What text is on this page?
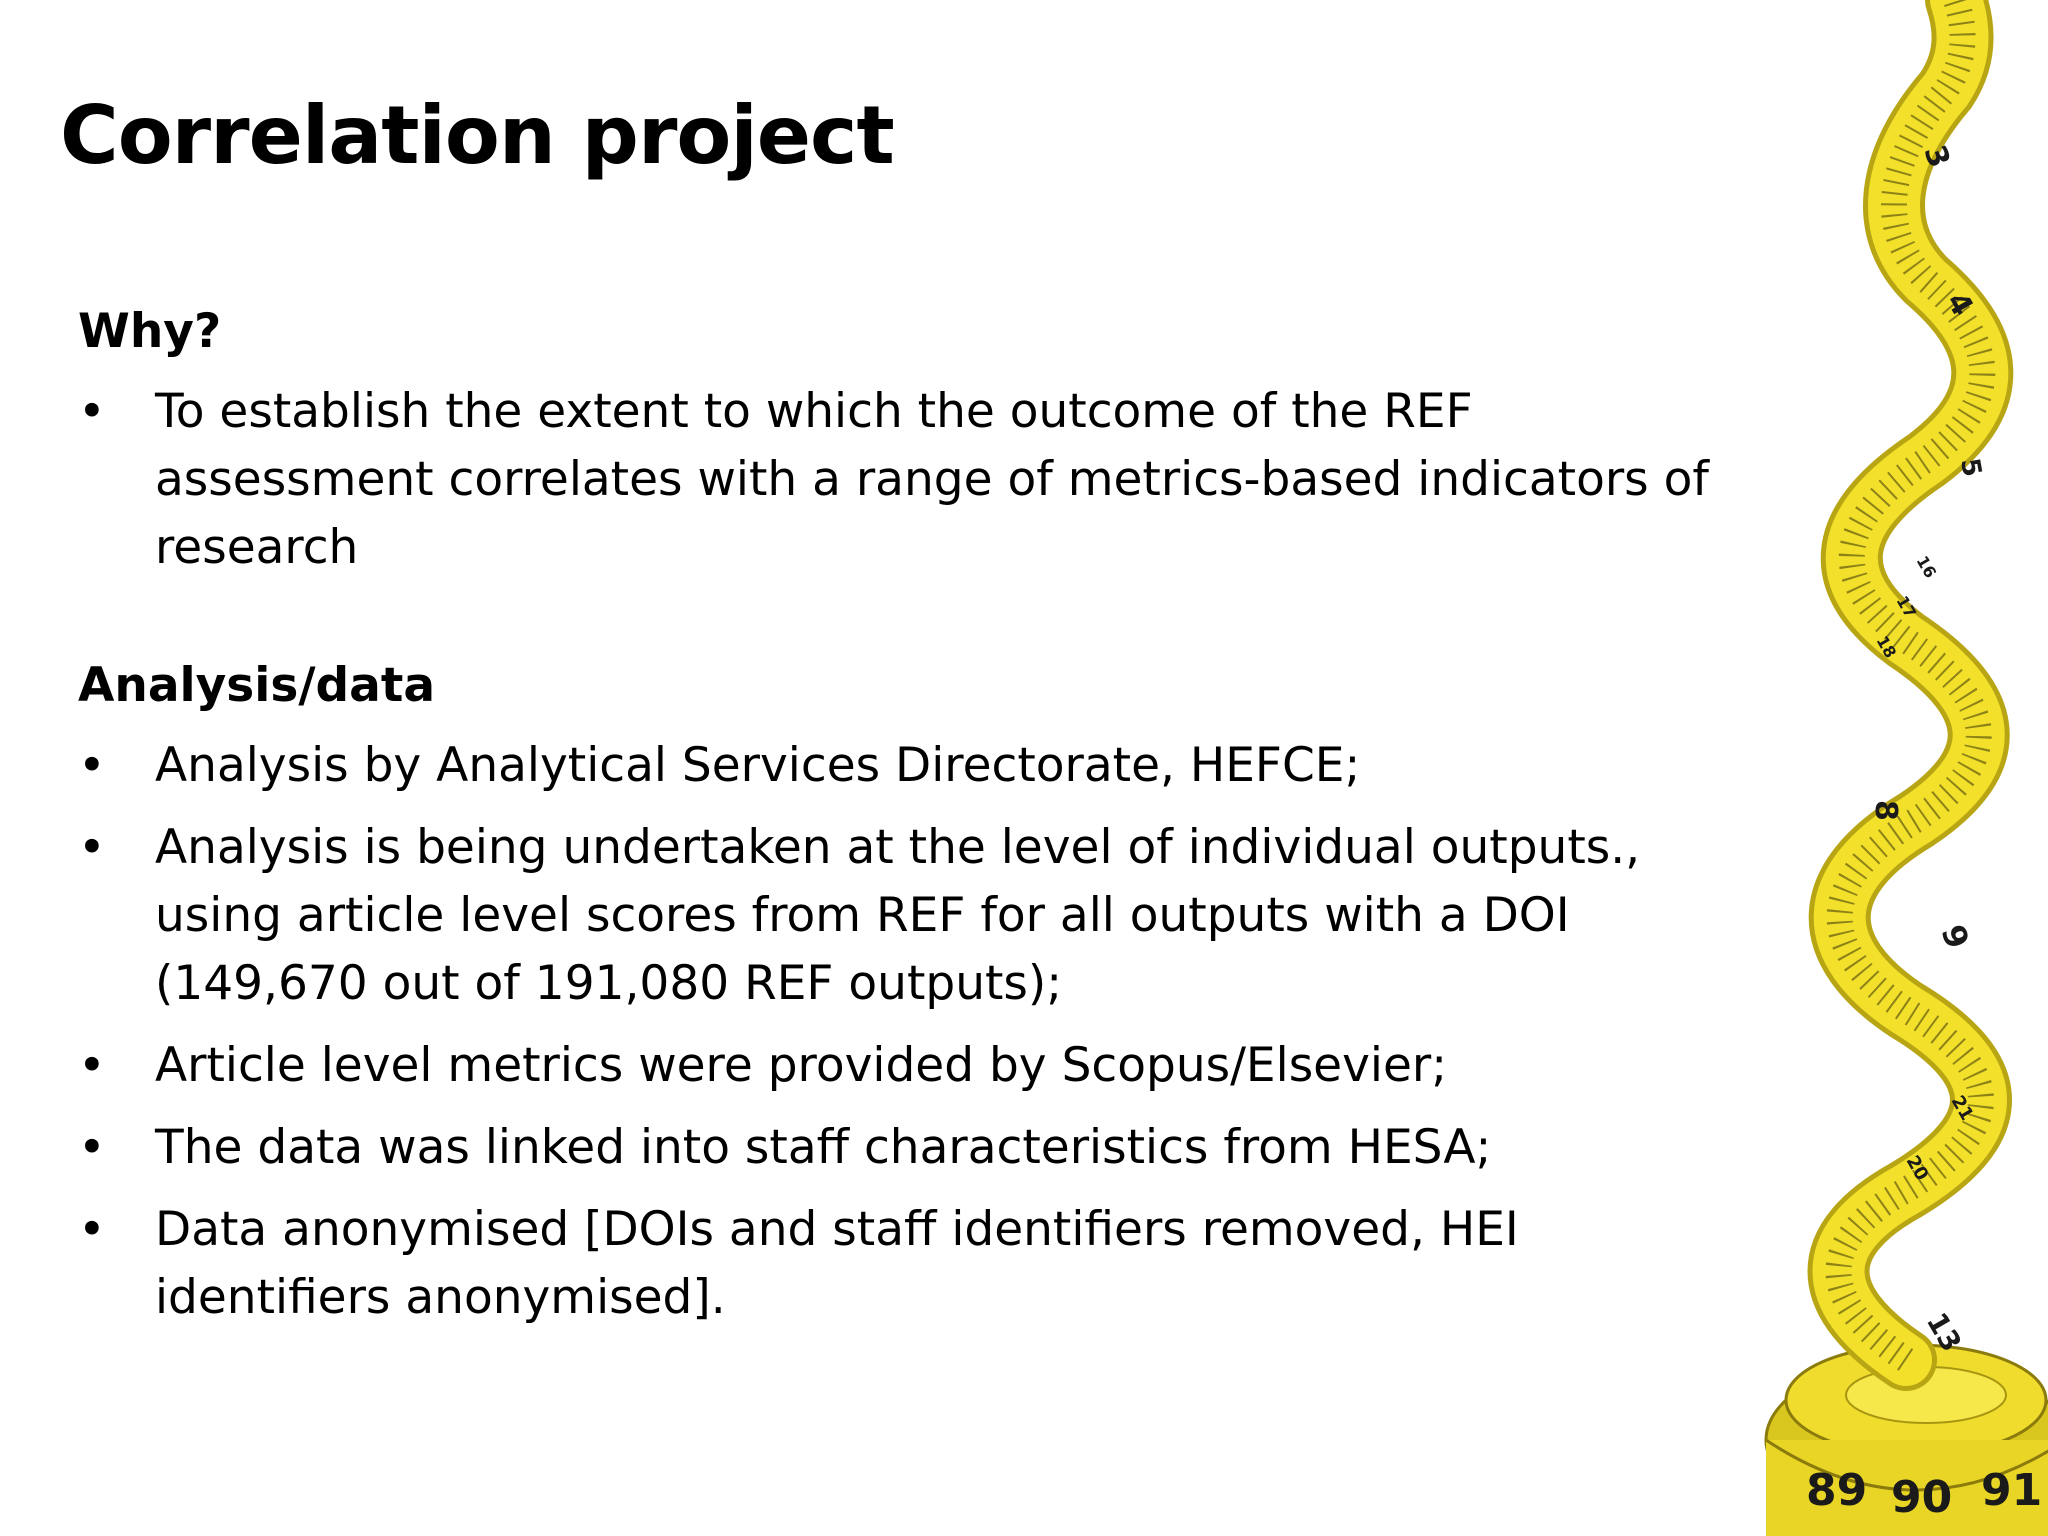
Correlation project
Why?
• To establish the extent to which the outcome of the REF assessment correlates with a range of metrics-based indicators of research
Analysis/data
• Analysis by Analytical Services Directorate, HEFCE;
• Analysis is being undertaken at the level of individual outputs., using article level scores from REF for all outputs with a DOI (149,670 out of 191,080 REF outputs);
• Article level metrics were provided by Scopus/Elsevier;
• The data was linked into staff characteristics from HESA;
• Data anonymised [DOIs and staff identifiers removed, HEI identifiers anonymised].
3
4
5
16
17
18
8
9
21
20
13
89 90 91
